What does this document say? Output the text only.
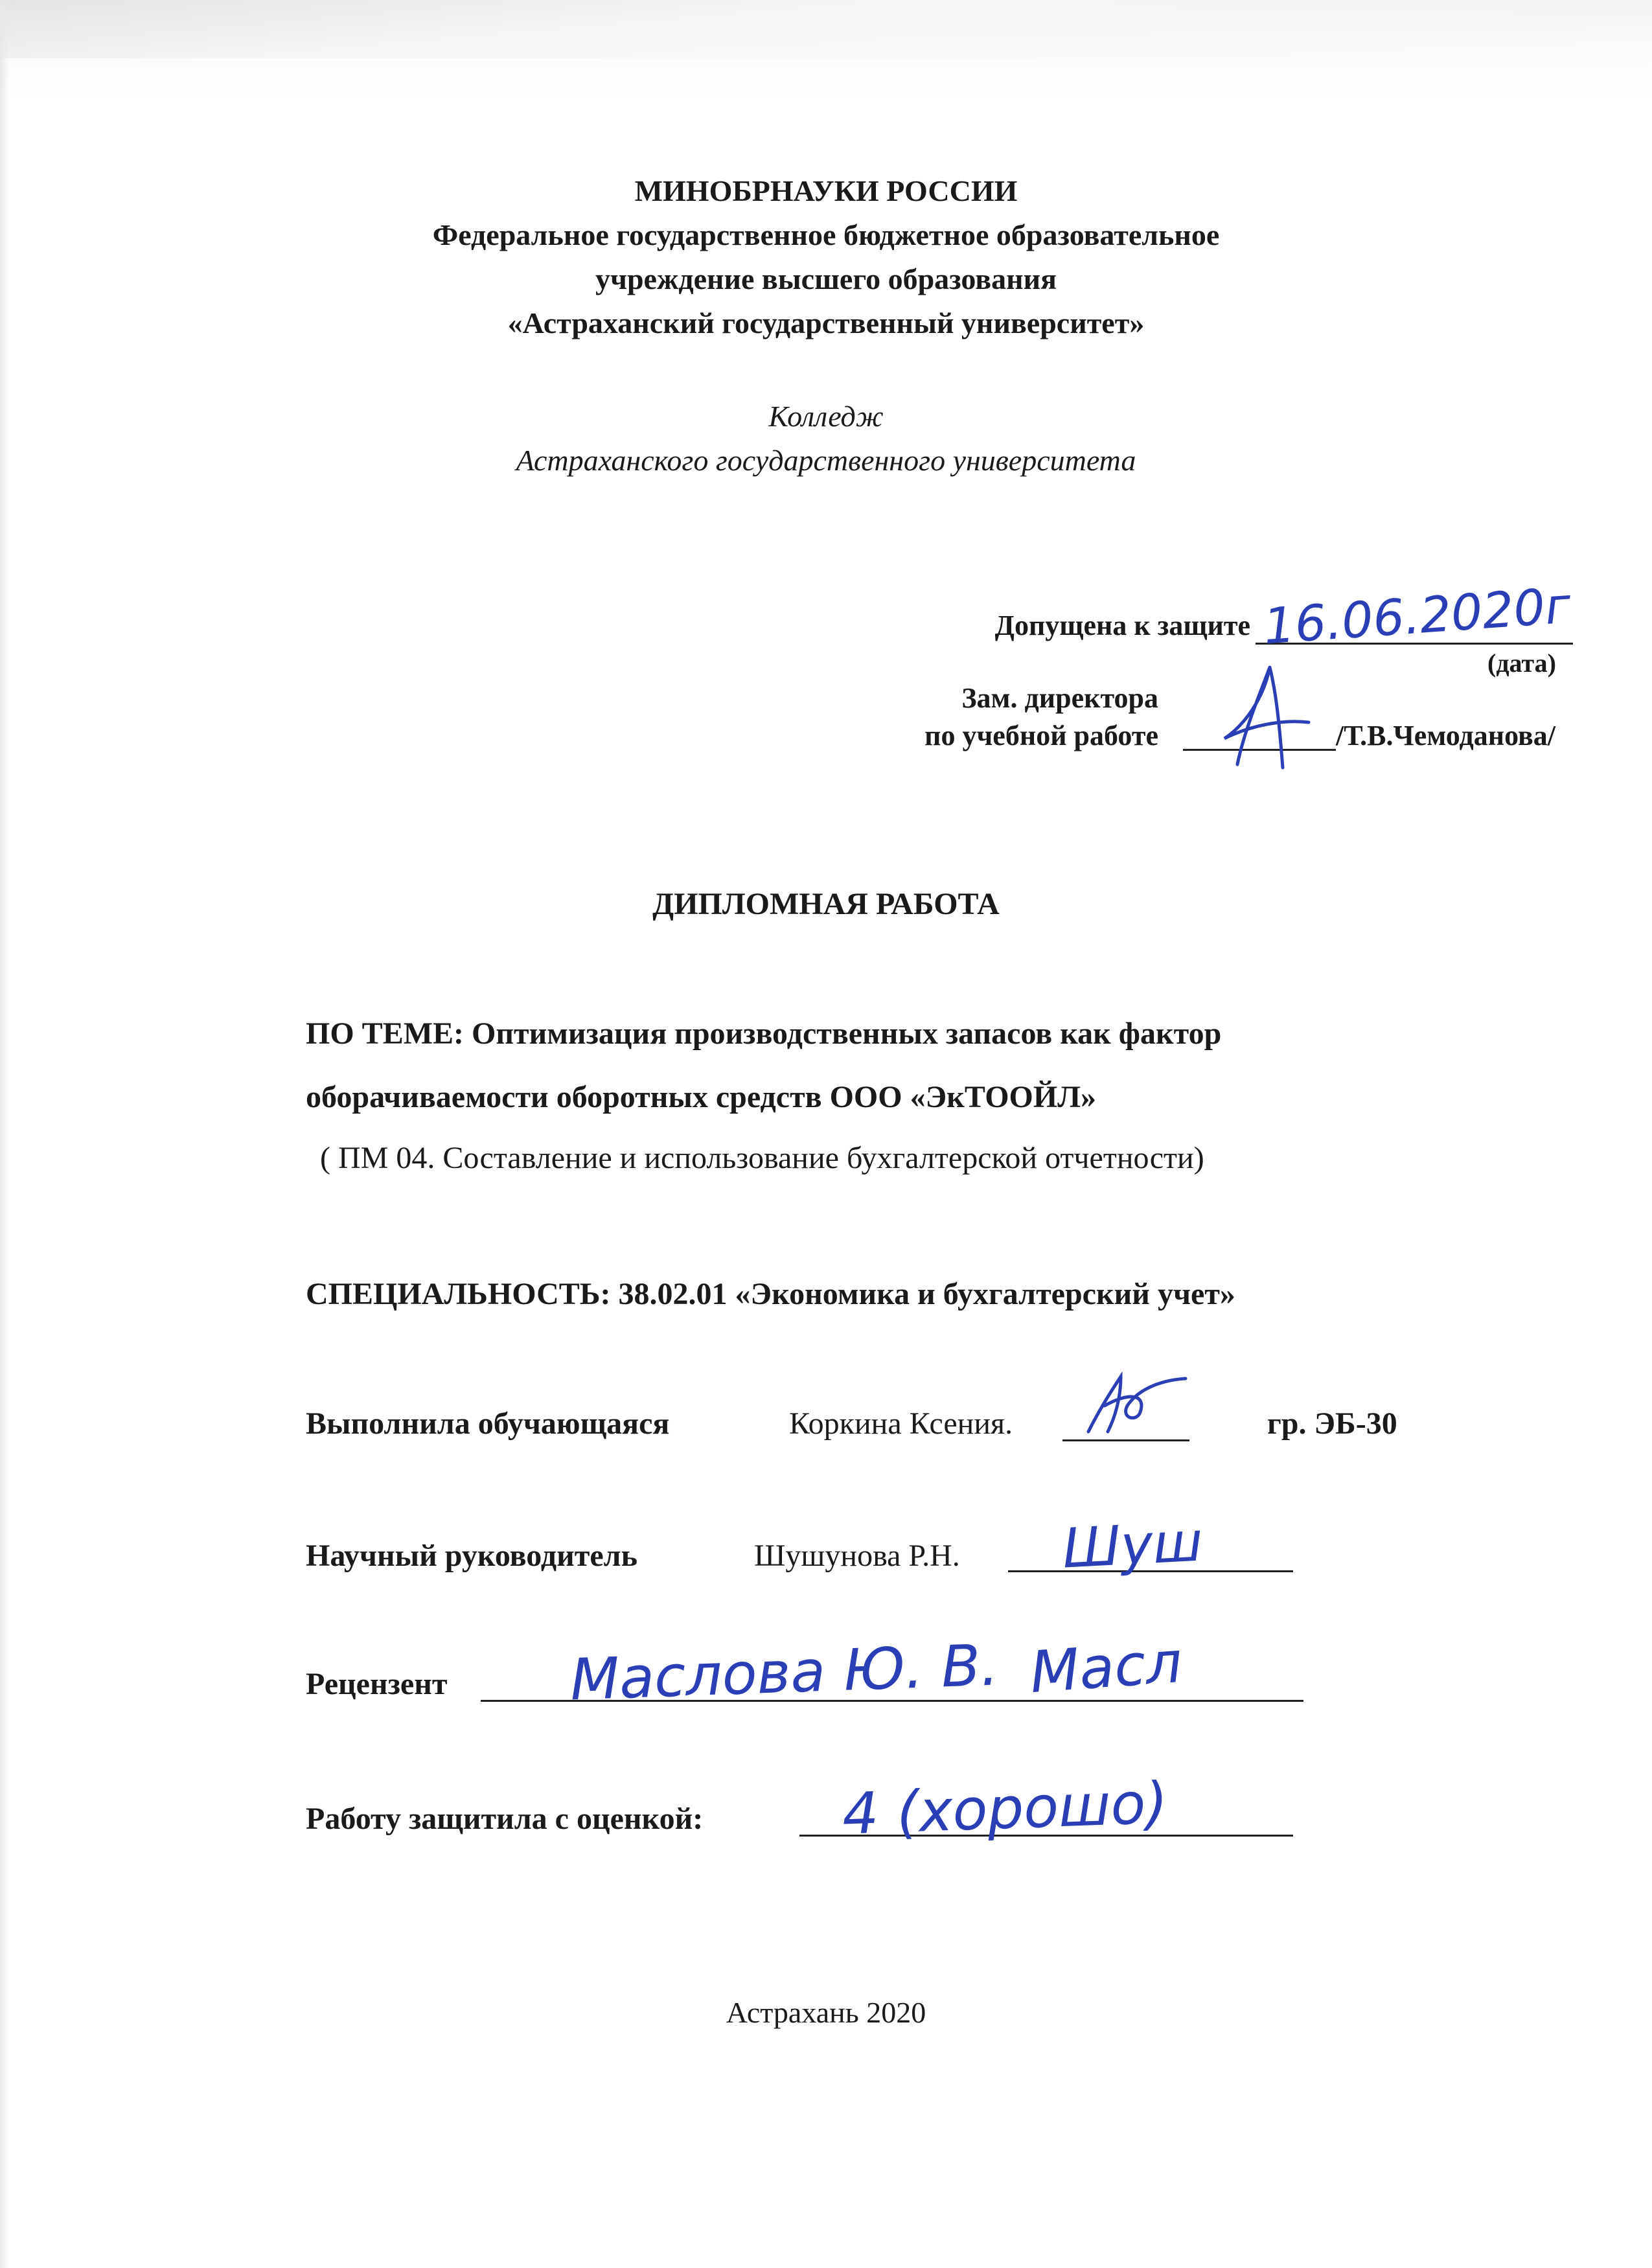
МИНОБРНАУКИ РОССИИ
Федеральное государственное бюджетное образовательное
учреждение высшего образования
«Астраханский государственный университет»
Колледж
Астраханского государственного университета
Допущена к защите 16.06.2020г
(дата)
Зам. директора
по учебной работе	/Т.В.Чемоданова/
ДИПЛОМНАЯ РАБОТА
ПО ТЕМЕ: Оптимизация производственных запасов как фактор
оборачиваемости оборотных средств ООО «ЭкТООЙЛ»
( ПМ 04. Составление и использование бухгалтерской отчетности)
СПЕЦИАЛЬНОСТЬ: 38.02.01 «Экономика и бухгалтерский учет»
Выполнила обучающаяся	Коркина Ксения.	гр. ЭБ-30
Научный руководитель	Шушунова Р.Н. Шуш
Рецензент Маслова Ю. В. Масл
Работу защитила с оценкой: 4 (хорошо)
Астрахань 2020
